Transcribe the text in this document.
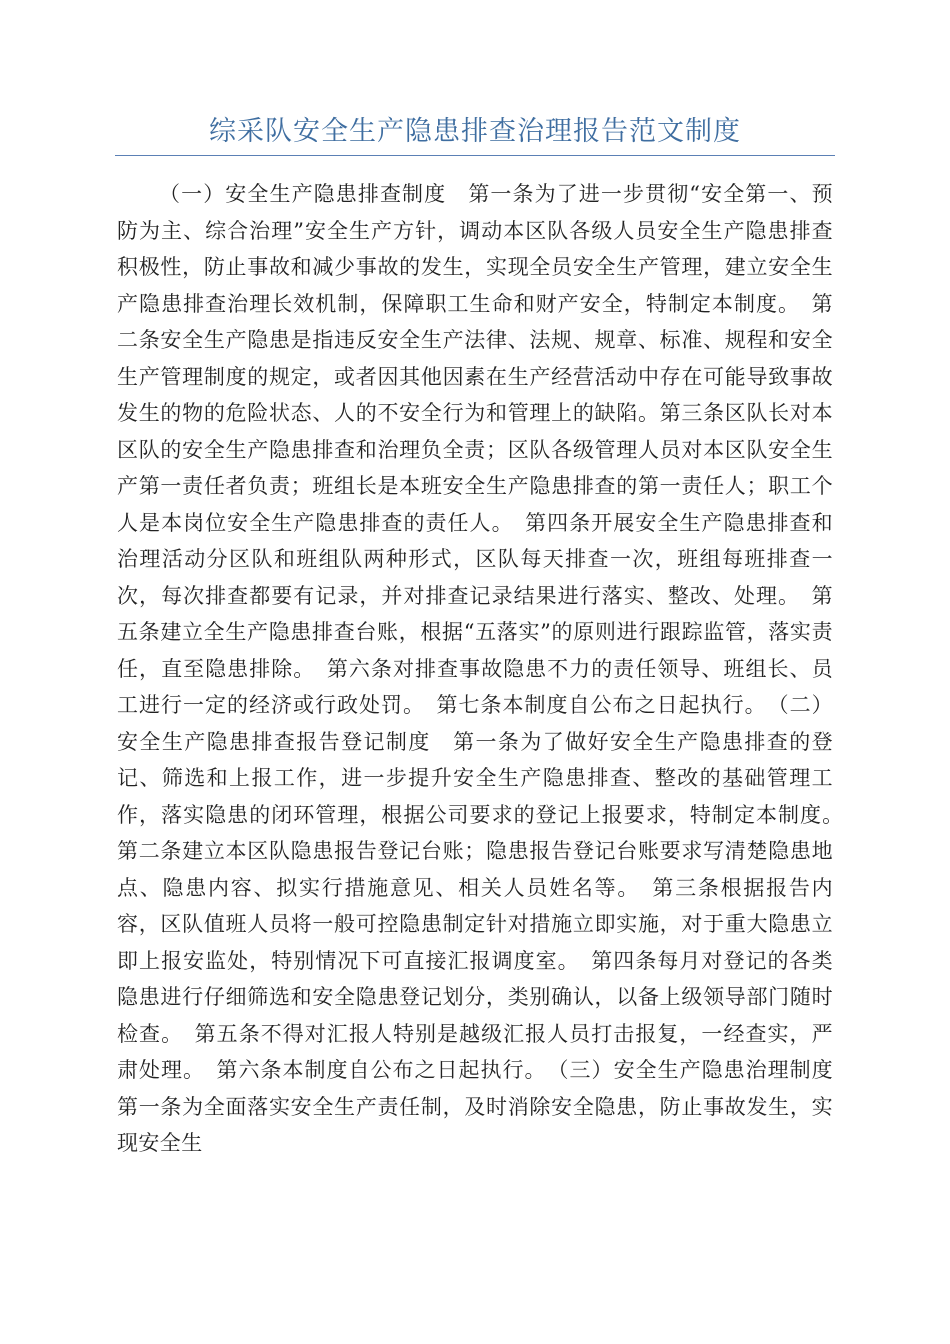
综采队安全生产隐患排查治理报告范文制度

（一）安全生产隐患排查制度　第一条为了进一步贯彻“安全第一、预防为主、综合治理”安全生产方针，调动本区队各级人员安全生产隐患排查积极性，防止事故和减少事故的发生，实现全员安全生产管理，建立安全生产隐患排查治理长效机制，保障职工生命和财产安全，特制定本制度。　第二条安全生产隐患是指违反安全生产法律、法规、规章、标准、规程和安全生产管理制度的规定，或者因其他因素在生产经营活动中存在可能导致事故发生的物的危险状态、人的不安全行为和管理上的缺陷。第三条区队长对本区队的安全生产隐患排查和治理负全责；区队各级管理人员对本区队安全生产第一责任者负责；班组长是本班安全生产隐患排查的第一责任人；职工个人是本岗位安全生产隐患排查的责任人。　第四条开展安全生产隐患排查和治理活动分区队和班组队两种形式，区队每天排查一次，班组每班排查一次，每次排查都要有记录，并对排查记录结果进行落实、整改、处理。　第五条建立全生产隐患排查台账，根据“五落实”的原则进行跟踪监管，落实责任，直至隐患排除。　第六条对排查事故隐患不力的责任领导、班组长、员工进行一定的经济或行政处罚。　第七条本制度自公布之日起执行。　（二）安全生产隐患排查报告登记制度　第一条为了做好安全生产隐患排查的登记、筛选和上报工作，进一步提升安全生产隐患排查、整改的基础管理工作，落实隐患的闭环管理，根据公司要求的登记上报要求，特制定本制度。　第二条建立本区队隐患报告登记台账；隐患报告登记台账要求写清楚隐患地点、隐患内容、拟实行措施意见、相关人员姓名等。　第三条根据报告内容，区队值班人员将一般可控隐患制定针对措施立即实施，对于重大隐患立即上报安监处，特别情况下可直接汇报调度室。　第四条每月对登记的各类隐患进行仔细筛选和安全隐患登记划分，类别确认，以备上级领导部门随时检查。　第五条不得对汇报人特别是越级汇报人员打击报复，一经查实，严肃处理。　第六条本制度自公布之日起执行。　（三）安全生产隐患治理制度　第一条为全面落实安全生产责任制，及时消除安全隐患，防止事故发生，实现安全生
